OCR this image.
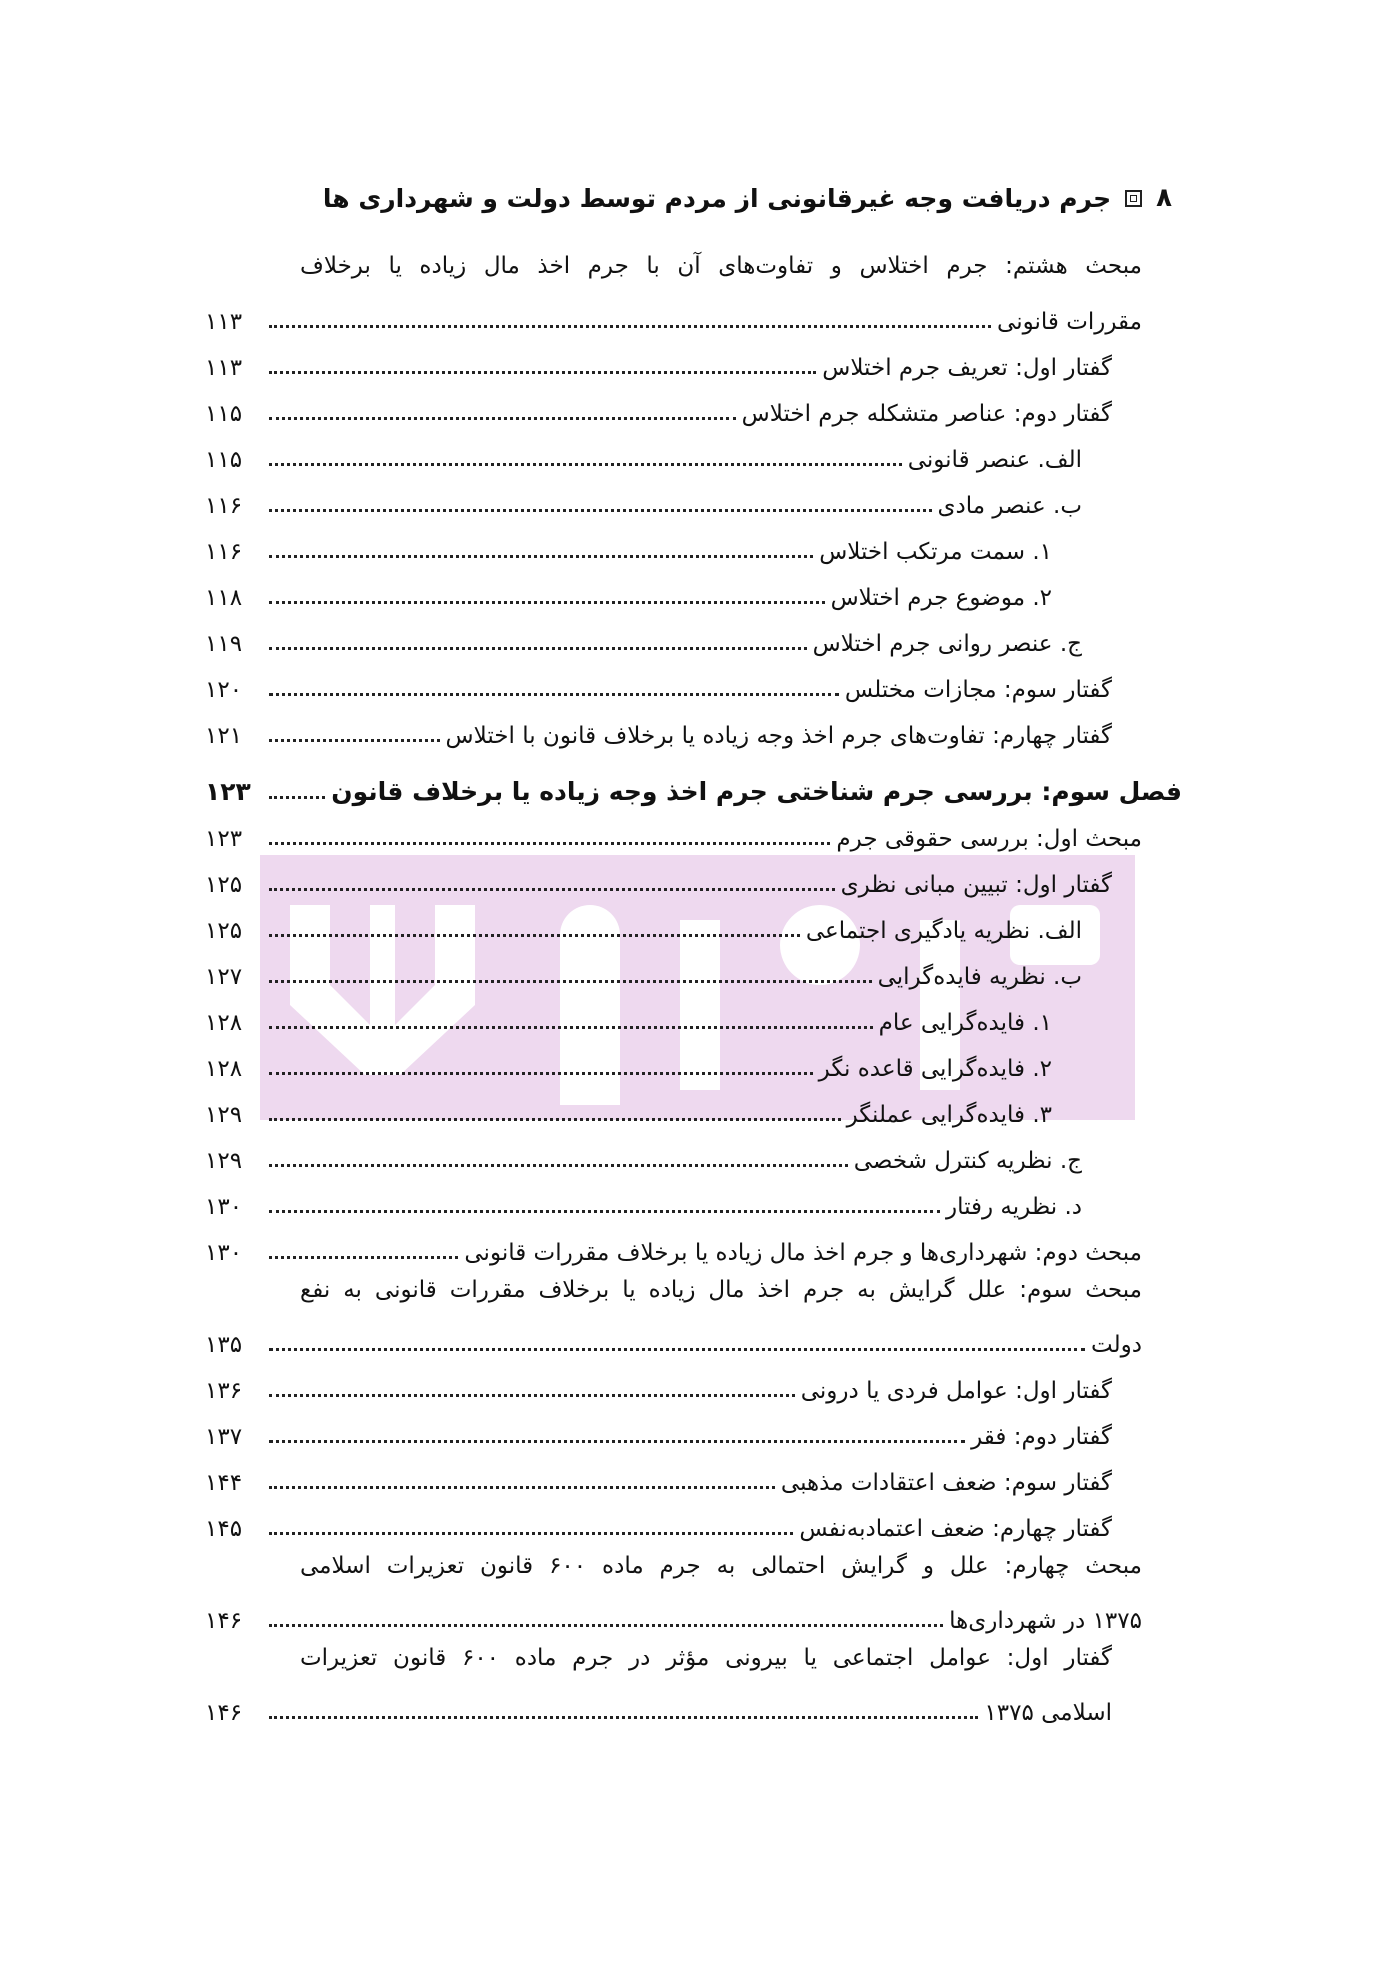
۸
جرم دریافت وجه غیرقانونی از مردم توسط دولت و شهرداری ها
مبحث هشتم: جرم اختلاس و تفاوت‌های آن با جرم اخذ مال زیاده یا برخلاف
مقررات قانونی
۱۱۳
گفتار اول: تعریف جرم اختلاس
۱۱۳
گفتار دوم: عناصر متشکله جرم اختلاس
۱۱۵
الف. عنصر قانونی
۱۱۵
ب. عنصر مادی
۱۱۶
۱. سمت مرتکب اختلاس
۱۱۶
۲. موضوع جرم اختلاس
۱۱۸
ج. عنصر روانی جرم اختلاس
۱۱۹
گفتار سوم: مجازات مختلس
۱۲۰
گفتار چهارم: تفاوت‌های جرم اخذ وجه زیاده یا برخلاف قانون با اختلاس
۱۲۱
فصل سوم: بررسی جرم شناختی جرم اخذ وجه زیاده یا برخلاف قانون
۱۲۳
مبحث اول: بررسی حقوقی جرم
۱۲۳
گفتار اول: تبیین مبانی نظری
۱۲۵
الف. نظریه یادگیری اجتماعی
۱۲۵
ب. نظریه فایده‌گرایی
۱۲۷
۱. فایده‌گرایی عام
۱۲۸
۲. فایده‌گرایی قاعده نگر
۱۲۸
۳. فایده‌گرایی عملنگر
۱۲۹
ج. نظریه کنترل شخصی
۱۲۹
د. نظریه رفتار
۱۳۰
مبحث دوم: شهرداری‌ها و جرم اخذ مال زیاده یا برخلاف مقررات قانونی
۱۳۰
مبحث سوم: علل گرایش به جرم اخذ مال زیاده یا برخلاف مقررات قانونی به نفع
دولت
۱۳۵
گفتار اول: عوامل فردی یا درونی
۱۳۶
گفتار دوم: فقر
۱۳۷
گفتار سوم: ضعف اعتقادات مذهبی
۱۴۴
گفتار چهارم: ضعف اعتمادبه‌نفس
۱۴۵
مبحث چهارم: علل و گرایش احتمالی به جرم ماده ۶۰۰ قانون تعزیرات اسلامی
۱۳۷۵ در شهرداری‌ها
۱۴۶
گفتار اول: عوامل اجتماعی یا بیرونی مؤثر در جرم ماده ۶۰۰ قانون تعزیرات
اسلامی ۱۳۷۵
۱۴۶
